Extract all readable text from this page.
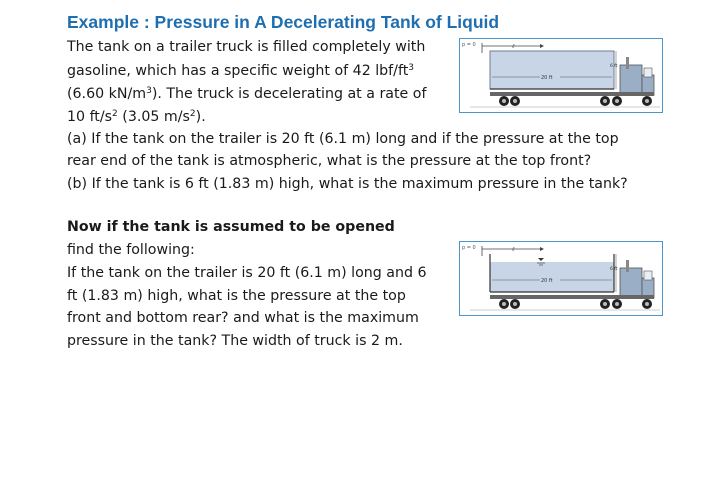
Example : Pressure in A Decelerating Tank of Liquid
The tank on a trailer truck is filled completely with
gasoline, which has a specific weight of 42 lbf/$ft^3$
(6.60 $kN/m^3$). The truck is decelerating at a rate of
10 $ft/s^2$ (3.05 $m/s^2$).
(a) If the tank on the trailer is 20 ft (6.1 m) long and if the pressure at the top
rear end of the tank is atmospheric, what is the pressure at the top front?
(b) If the tank is 6 ft (1.83 m) high, what is the maximum pressure in the tank?
Now if the tank is assumed to be opened
find the following:
If the tank on the trailer is 20 ft (6.1 m) long and 6
ft (1.83 m) high, what is the pressure at the top
front and bottom rear? and what is the maximum
pressure in the tank? The width of truck is 2 m.
p = 0	ℓ
20 ft
6 ft
p = 0	ℓ
20 ft
6 ft
